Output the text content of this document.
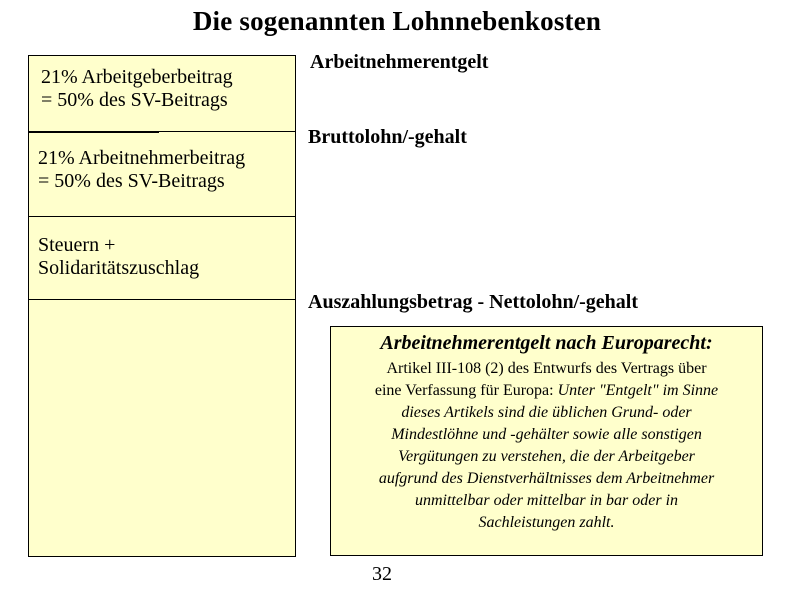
Die sogenannten Lohnnebenkosten
21% Arbeitgeberbeitrag
= 50% des SV-Beitrags
21% Arbeitnehmerbeitrag
= 50% des SV-Beitrags
Steuern +
Solidaritätszuschlag
Arbeitnehmerentgelt
Bruttolohn/-gehalt
Auszahlungsbetrag - Nettolohn/-gehalt
Arbeitnehmerentgelt nach Europarecht:
Artikel III-108 (2) des Entwurfs des Vertrags über
eine Verfassung für Europa: Unter "Entgelt" im Sinne
dieses Artikels sind die üblichen Grund- oder
Mindestlöhne und -gehälter sowie alle sonstigen
Vergütungen zu verstehen, die der Arbeitgeber
aufgrund des Dienstverhältnisses dem Arbeitnehmer
unmittelbar oder mittelbar in bar oder in
Sachleistungen zahlt.
32
